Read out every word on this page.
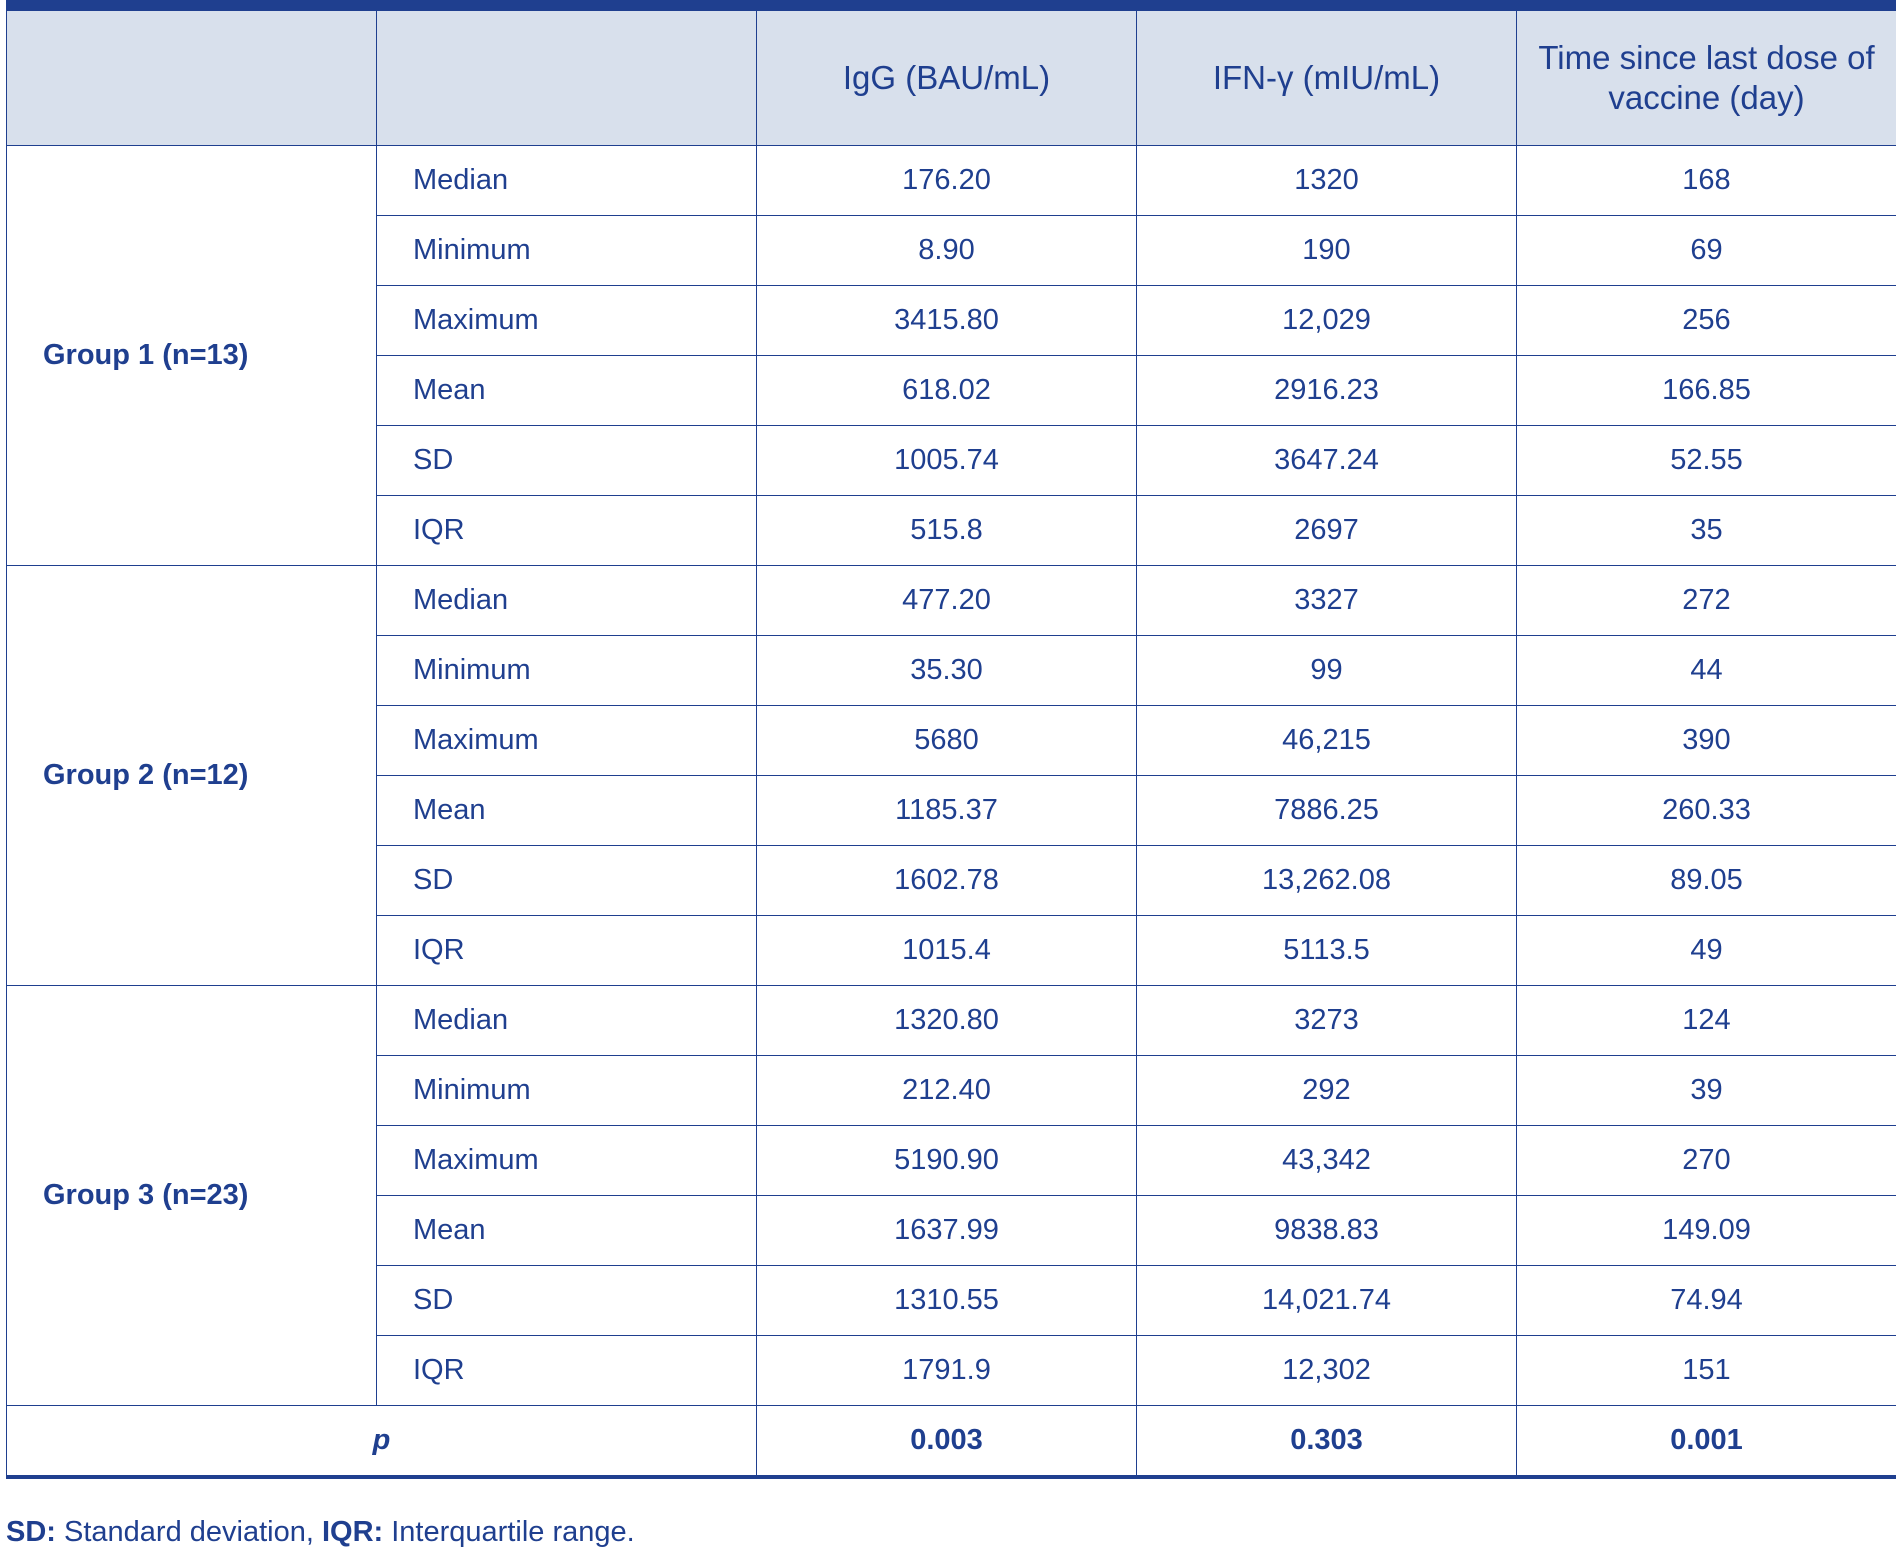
		IgG (BAU/mL)	IFN-γ (mIU/mL)	Time since last dose of vaccine (day)
Group 1 (n=13)	Median	176.20	1320	168
	Minimum	8.90	190	69
	Maximum	3415.80	12,029	256
	Mean	618.02	2916.23	166.85
	SD	1005.74	3647.24	52.55
	IQR	515.8	2697	35
Group 2 (n=12)	Median	477.20	3327	272
	Minimum	35.30	99	44
	Maximum	5680	46,215	390
	Mean	1185.37	7886.25	260.33
	SD	1602.78	13,262.08	89.05
	IQR	1015.4	5113.5	49
Group 3 (n=23)	Median	1320.80	3273	124
	Minimum	212.40	292	39
	Maximum	5190.90	43,342	270
	Mean	1637.99	9838.83	149.09
	SD	1310.55	14,021.74	74.94
	IQR	1791.9	12,302	151
p		0.003	0.303	0.001
SD: Standard deviation, IQR: Interquartile range.
